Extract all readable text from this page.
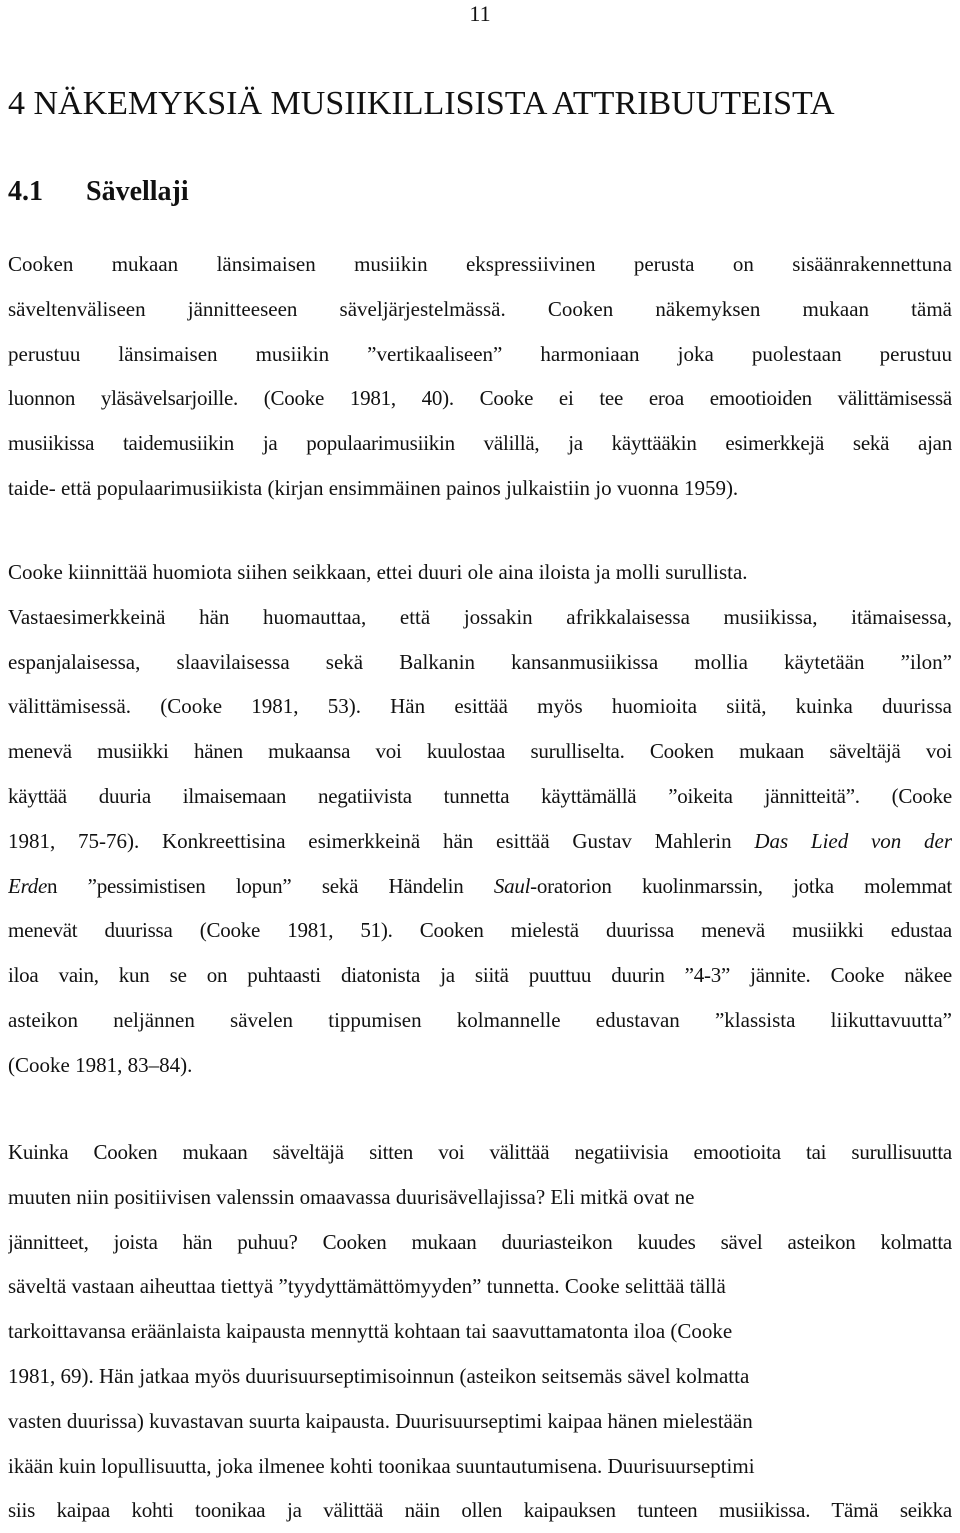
11
4 NÄKEMYKSIÄ MUSIIKILLISISTA ATTRIBUUTEISTA
4.1 Sävellaji
Cooken mukaan länsimaisen musiikin ekspressiivinen perusta on sisäänrakennettuna
säveltenväliseen jännitteeseen säveljärjestelmässä. Cooken näkemyksen mukaan tämä
perustuu länsimaisen musiikin ”vertikaaliseen” harmoniaan joka puolestaan perustuu
luonnon yläsävelsarjoille. (Cooke 1981, 40). Cooke ei tee eroa emootioiden välittämisessä
musiikissa taidemusiikin ja populaarimusiikin välillä, ja käyttääkin esimerkkejä sekä ajan
taide- että populaarimusiikista (kirjan ensimmäinen painos julkaistiin jo vuonna 1959).
Cooke kiinnittää huomiota siihen seikkaan, ettei duuri ole aina iloista ja molli surullista.
Vastaesimerkkeinä hän huomauttaa, että jossakin afrikkalaisessa musiikissa, itämaisessa,
espanjalaisessa, slaavilaisessa sekä Balkanin kansanmusiikissa mollia käytetään ”ilon”
välittämisessä. (Cooke 1981, 53). Hän esittää myös huomioita siitä, kuinka duurissa
menevä musiikki hänen mukaansa voi kuulostaa surulliselta. Cooken mukaan säveltäjä voi
käyttää duuria ilmaisemaan negatiivista tunnetta käyttämällä ”oikeita jännitteitä”. (Cooke
1981, 75-76). Konkreettisina esimerkkeinä hän esittää Gustav Mahlerin Das Lied von der
Erden ”pessimistisen lopun” sekä Händelin Saul-oratorion kuolinmarssin, jotka molemmat
menevät duurissa (Cooke 1981, 51). Cooken mielestä duurissa menevä musiikki edustaa
iloa vain, kun se on puhtaasti diatonista ja siitä puuttuu duurin ”4-3” jännite. Cooke näkee
asteikon neljännen sävelen tippumisen kolmannelle edustavan ”klassista liikuttavuutta”
(Cooke 1981, 83–84).
Kuinka Cooken mukaan säveltäjä sitten voi välittää negatiivisia emootioita tai surullisuutta
muuten niin positiivisen valenssin omaavassa duurisävellajissa? Eli mitkä ovat ne
jännitteet, joista hän puhuu? Cooken mukaan duuriasteikon kuudes sävel asteikon kolmatta
säveltä vastaan aiheuttaa tiettyä ”tyydyttämättömyyden” tunnetta. Cooke selittää tällä
tarkoittavansa eräänlaista kaipausta mennyttä kohtaan tai saavuttamatonta iloa (Cooke
1981, 69). Hän jatkaa myös duurisuurseptimisoinnun (asteikon seitsemäs sävel kolmatta
vasten duurissa) kuvastavan suurta kaipausta. Duurisuurseptimi kaipaa hänen mielestään
ikään kuin lopullisuutta, joka ilmenee kohti toonikaa suuntautumisena. Duurisuurseptimi
siis kaipaa kohti toonikaa ja välittää näin ollen kaipauksen tunteen musiikissa. Tämä seikka
